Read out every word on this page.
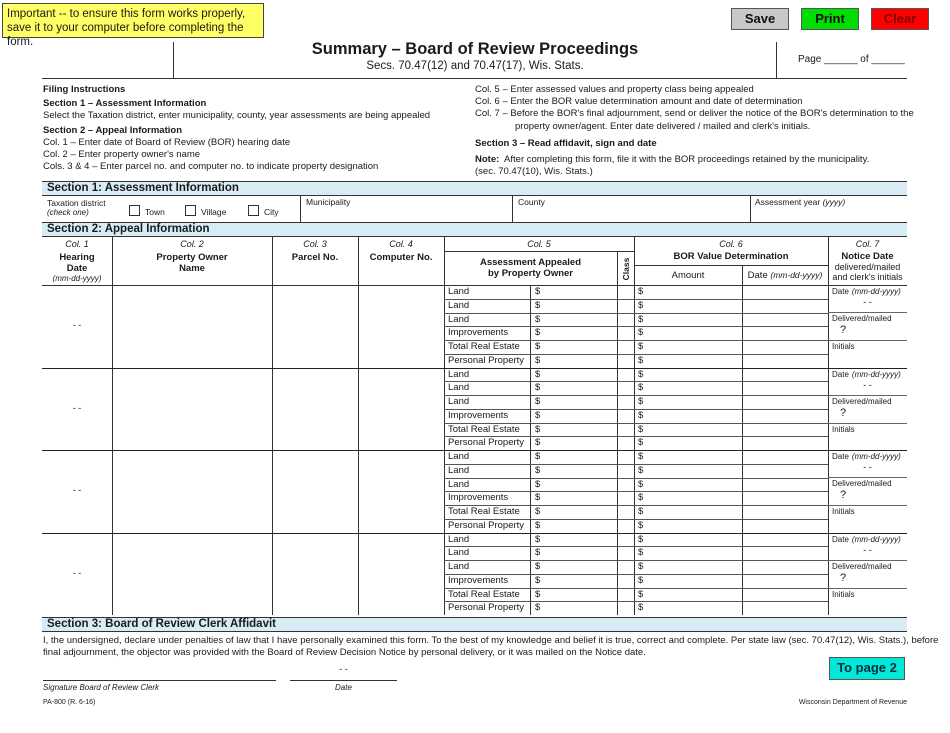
Important -- to ensure this form works properly,
save it to your computer before completing the form.
Save	Print	Clear
Summary – Board of Review Proceedings
Secs. 70.47(12) and 70.47(17), Wis. Stats.
Page ______ of ______
Filing Instructions
Section 1 – Assessment Information
Select the Taxation district, enter municipality, county, year assessments are being appealed
Section 2 – Appeal Information
Col. 1 – Enter date of Board of Review (BOR) hearing date
Col. 2 – Enter property owner's name
Cols. 3 & 4 – Enter parcel no. and computer no. to indicate property designation
Col. 5 – Enter assessed values and property class being appealed
Col. 6 – Enter the BOR value determination amount and date of determination
Col. 7 – Before the BOR's final adjournment, send or deliver the notice of the BOR's determination to the
property owner/agent. Enter date delivered / mailed and clerk's initials.
Section 3 – Read affidavit, sign and date
Note: After completing this form, file it with the BOR proceedings retained by the municipality.
(sec. 70.47(10), Wis. Stats.)
Section 1: Assessment Information
Taxation district
(check one)	Town	Village	City
Municipality	County	Assessment year (yyyy)
Section 2: Appeal Information
Col. 1
Hearing
Date
(mm-dd-yyyy)
Col. 2
Property Owner
Name
Col. 3
Parcel No.
Col. 4
Computer No.
Col. 5
Assessment Appealed
by Property Owner	Class
Col. 6
BOR Value Determination
Amount	Date (mm-dd-yyyy)
Col. 7
Notice Date
delivered/mailed
and clerk's initials
- -
Land	$	$
Land	$	$
Land	$	$
Improvements	$	$
Total Real Estate	$	$
Personal Property	$	$
Date (mm-dd-yyyy)
- -
Delivered/mailed
?
Initials
- -
Land	$	$
Land	$	$
Land	$	$
Improvements	$	$
Total Real Estate	$	$
Personal Property	$	$
Date (mm-dd-yyyy)
- -
Delivered/mailed
?
Initials
- -
Land	$	$
Land	$	$
Land	$	$
Improvements	$	$
Total Real Estate	$	$
Personal Property	$	$
Date (mm-dd-yyyy)
- -
Delivered/mailed
?
Initials
- -
Land	$	$
Land	$	$
Land	$	$
Improvements	$	$
Total Real Estate	$	$
Personal Property	$	$
Date (mm-dd-yyyy)
- -
Delivered/mailed
?
Initials
Section 3: Board of Review Clerk Affidavit
I, the undersigned, declare under penalties of law that I have personally examined this form. To the best of my knowledge and belief it is true, correct and complete. Per state law (sec. 70.47(12), Wis. Stats.), before
final adjournment, the objector was provided with the Board of Review Decision Notice by personal delivery, or it was mailed on the Notice date.
- -
Signature Board of Review Clerk	Date
To page 2
PA-800 (R. 6-16)	Wisconsin Department of Revenue
